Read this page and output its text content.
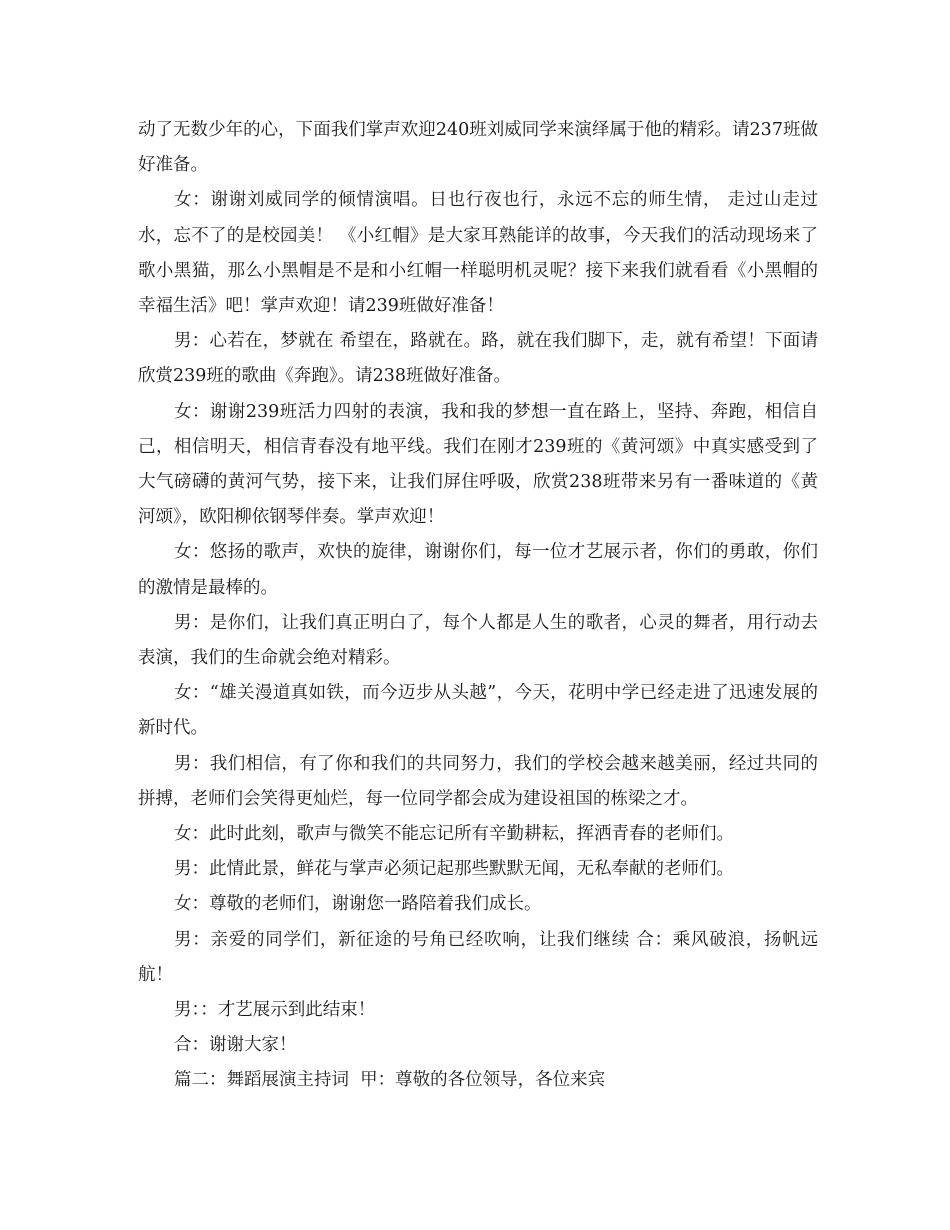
动了无数少年的心，下面我们掌声欢迎240班刘威同学来演绎属于他的精彩。请237班做好准备。

女：谢谢刘威同学的倾情演唱。日也行夜也行，永远不忘的师生情， 走过山走过水，忘不了的是校园美！ 《小红帽》是大家耳熟能详的故事，今天我们的活动现场来了歌小黑猫，那么小黑帽是不是和小红帽一样聪明机灵呢？接下来我们就看看《小黑帽的幸福生活》吧！掌声欢迎！请239班做好准备！

男：心若在，梦就在 希望在，路就在。路，就在我们脚下，走，就有希望！下面请欣赏239班的歌曲《奔跑》。请238班做好准备。

女：谢谢239班活力四射的表演，我和我的梦想一直在路上，坚持、奔跑，相信自己，相信明天，相信青春没有地平线。我们在刚才239班的《黄河颂》中真实感受到了大气磅礴的黄河气势，接下来，让我们屏住呼吸，欣赏238班带来另有一番味道的《黄河颂》，欧阳柳依钢琴伴奏。掌声欢迎！

女：悠扬的歌声，欢快的旋律，谢谢你们，每一位才艺展示者，你们的勇敢，你们的激情是最棒的。

男：是你们，让我们真正明白了，每个人都是人生的歌者，心灵的舞者，用行动去表演，我们的生命就会绝对精彩。

女：“雄关漫道真如铁，而今迈步从头越”，今天，花明中学已经走进了迅速发展的新时代。

男：我们相信，有了你和我们的共同努力，我们的学校会越来越美丽，经过共同的拼搏，老师们会笑得更灿烂，每一位同学都会成为建设祖国的栋梁之才。

女：此时此刻，歌声与微笑不能忘记所有辛勤耕耘，挥洒青春的老师们。

男：此情此景，鲜花与掌声必须记起那些默默无闻，无私奉献的老师们。

女：尊敬的老师们，谢谢您一路陪着我们成长。

男：亲爱的同学们，新征途的号角已经吹响，让我们继续 合：乘风破浪，扬帆远航！

男：：才艺展示到此结束！

合：谢谢大家！

篇二：舞蹈展演主持词  甲：尊敬的各位领导，各位来宾
